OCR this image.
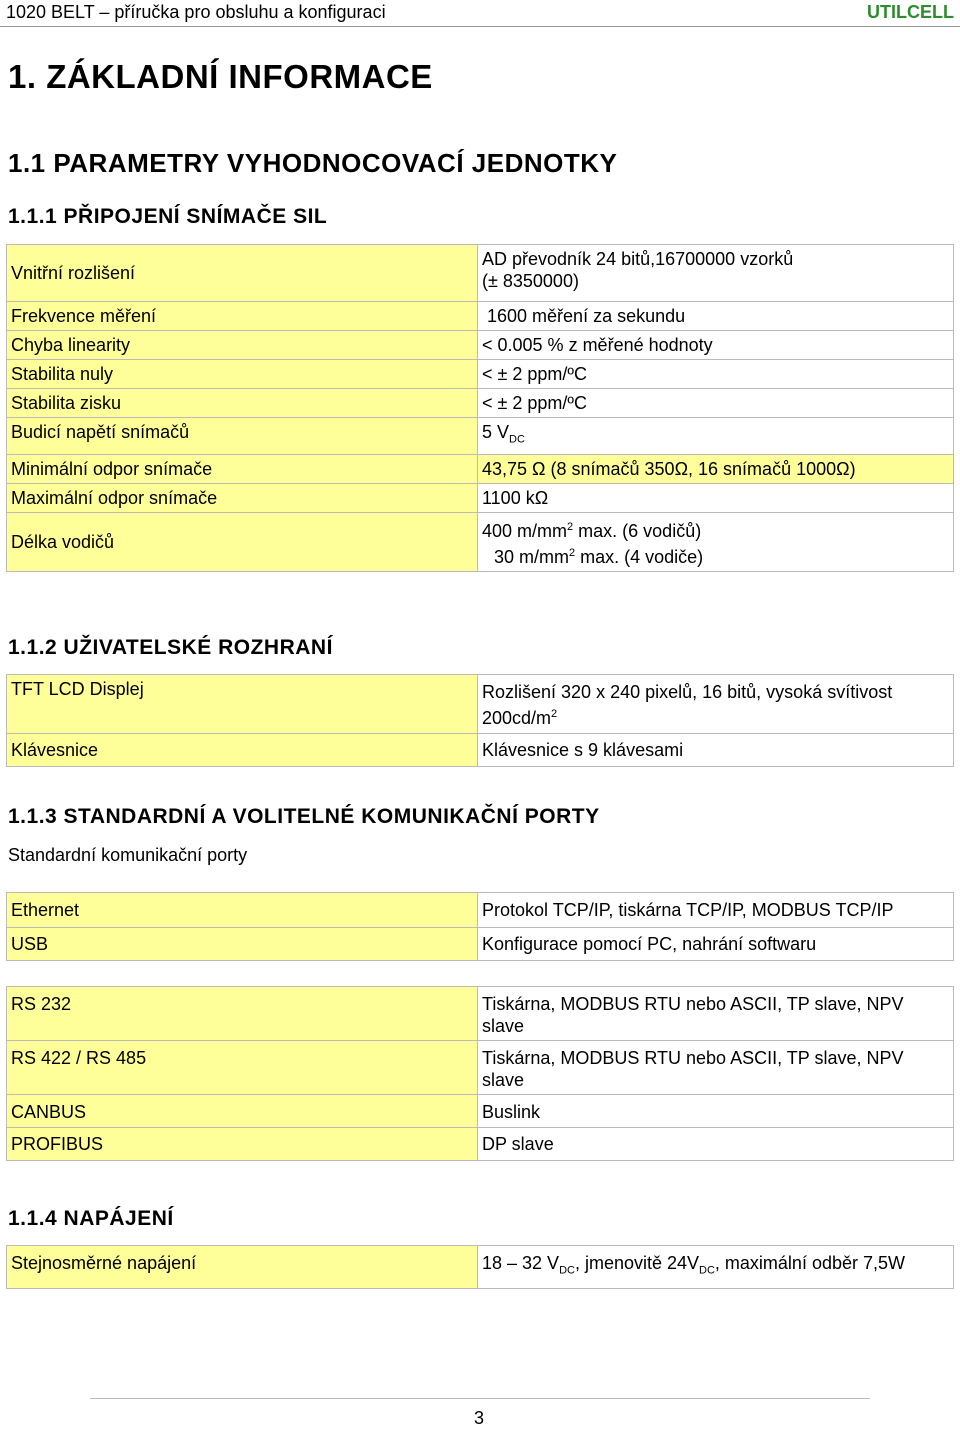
1020 BELT – příručka pro obsluhu a konfiguraci	UTILCELL
1. ZÁKLADNÍ INFORMACE
1.1 PARAMETRY VYHODNOCOVACÍ JEDNOTKY
1.1.1 PŘIPOJENÍ SNÍMAČE SIL
Vnitřní rozlišení	AD převodník 24 bitů,16700000 vzorků
(± 8350000)

Frekvence měření	1600 měření za sekundu
Chyba linearity	< 0.005 % z měřené hodnoty
Stabilita nuly	< ± 2 ppm/ºC
Stabilita zisku	< ± 2 ppm/ºC
Budicí napětí snímačů	5 $V_{DC}$
Minimální odpor snímače	43,75 Ω (8 snímačů 350Ω, 16 snímačů 1000Ω)
Maximální odpor snímače	1100 kΩ
Délka vodičů	400 $m/mm^2$ max. (6 vodičů)
30 $m/mm^2$ max. (4 vodiče)
1.1.2 UŽIVATELSKÉ ROZHRANÍ
TFT LCD Displej	Rozlišení 320 x 240 pixelů, 16 bitů, vysoká svítivost $200cd/m^2$
Klávesnice	Klávesnice s 9 klávesami
1.1.3 STANDARDNÍ A VOLITELNÉ KOMUNIKAČNÍ PORTY
Standardní komunikační porty
Ethernet	Protokol TCP/IP, tiskárna TCP/IP, MODBUS TCP/IP
USB	Konfigurace pomocí PC, nahrání softwaru
RS 232	Tiskárna, MODBUS RTU nebo ASCII, TP slave, NPV slave
RS 422 / RS 485	Tiskárna, MODBUS RTU nebo ASCII, TP slave, NPV slave
CANBUS	Buslink
PROFIBUS	DP slave
1.1.4 NAPÁJENÍ
Stejnosměrné napájení	18 – 32 $V_{DC}$, jmenovitě $24V_{DC}$, maximální odběr 7,5W
3
